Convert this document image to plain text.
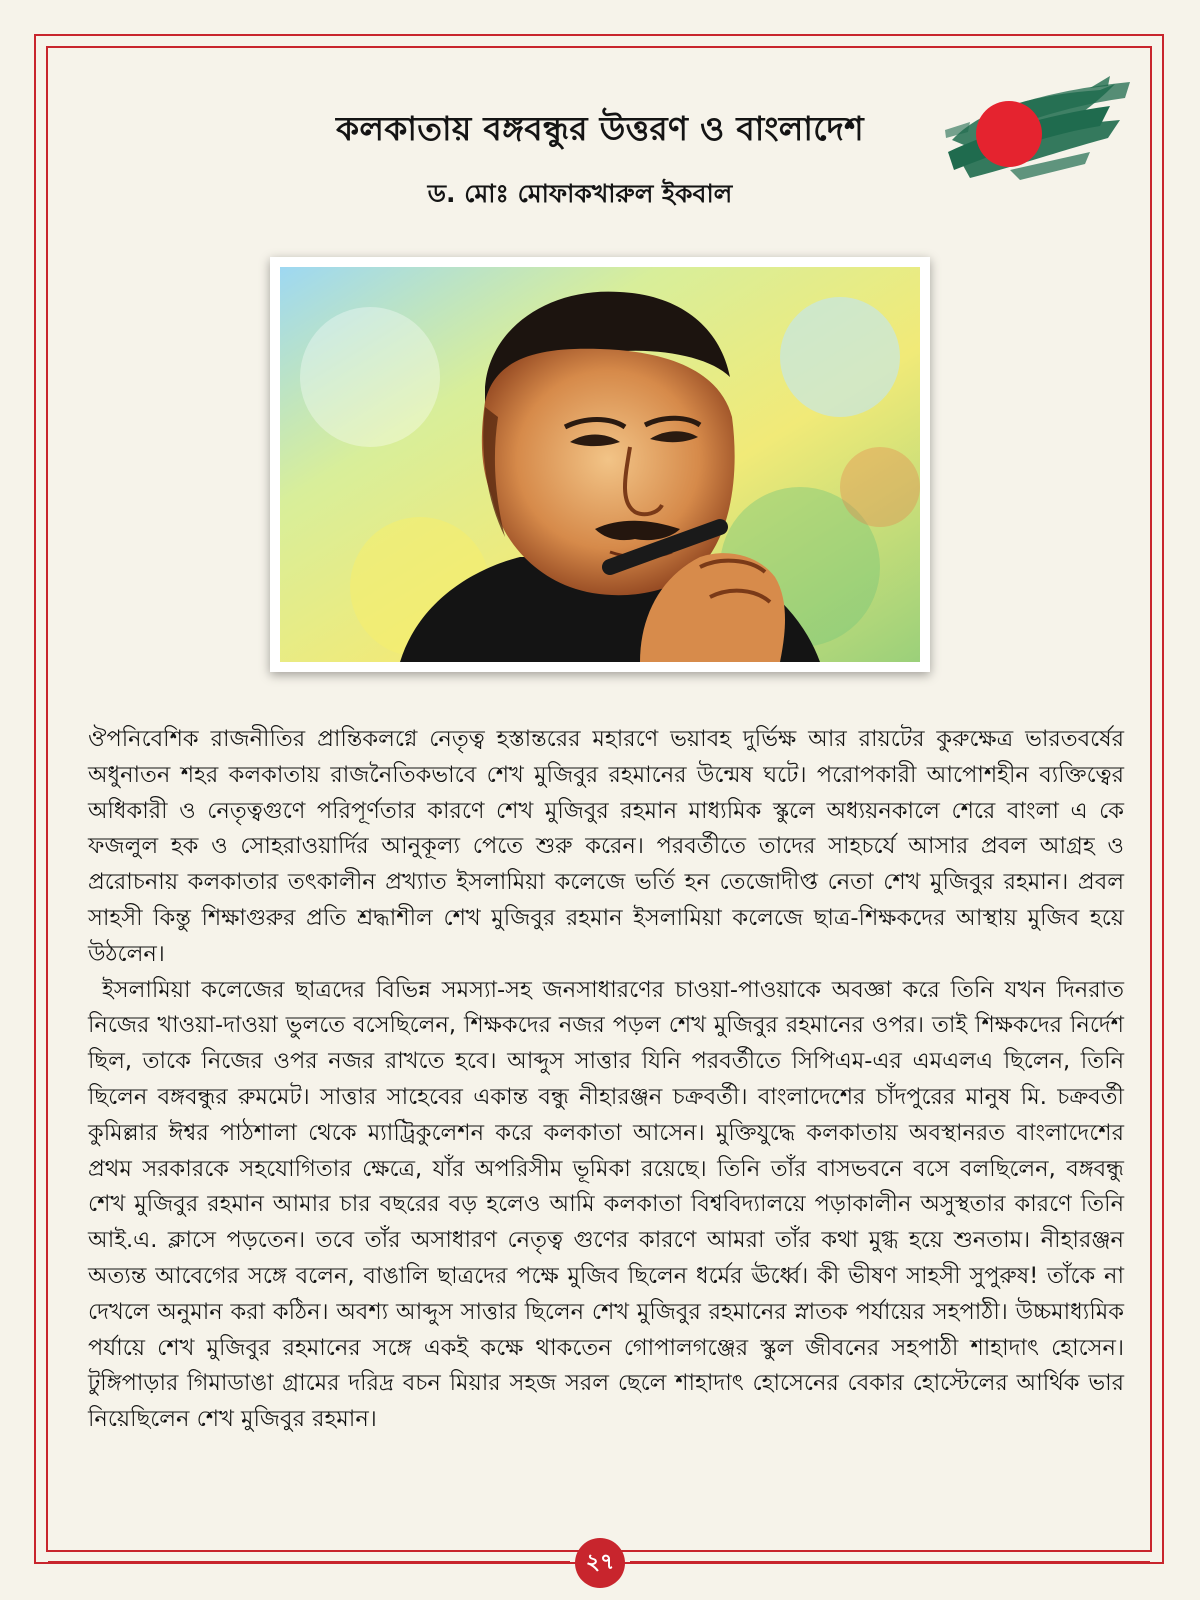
কলকাতায় বঙ্গবন্ধুর উত্তরণ ও বাংলাদেশ
ড. মোঃ মোফাকখারুল ইকবাল

ঔপনিবেশিক রাজনীতির প্রান্তিকলগ্নে নেতৃত্ব হস্তান্তরের মহারণে ভয়াবহ দুর্ভিক্ষ আর রায়টের কুরুক্ষেত্র ভারতবর্ষের অধুনাতন শহর কলকাতায় রাজনৈতিকভাবে শেখ মুজিবুর রহমানের উন্মেষ ঘটে। পরোপকারী আপোশহীন ব্যক্তিত্বের অধিকারী ও নেতৃত্বগুণে পরিপূর্ণতার কারণে শেখ মুজিবুর রহমান মাধ্যমিক স্কুলে অধ্যয়নকালে শেরে বাংলা এ কে ফজলুল হক ও সোহরাওয়ার্দির আনুকূল্য পেতে শুরু করেন। পরবর্তীতে তাদের সাহচর্যে আসার প্রবল আগ্রহ ও প্ররোচনায় কলকাতার তৎকালীন প্রখ্যাত ইসলামিয়া কলেজে ভর্তি হন তেজোদীপ্ত নেতা শেখ মুজিবুর রহমান। প্রবল সাহসী কিন্তু শিক্ষাগুরুর প্রতি শ্রদ্ধাশীল শেখ মুজিবুর রহমান ইসলামিয়া কলেজে ছাত্র-শিক্ষকদের আস্থায় মুজিব হয়ে উঠলেন।

ইসলামিয়া কলেজের ছাত্রদের বিভিন্ন সমস্যা-সহ জনসাধারণের চাওয়া-পাওয়াকে অবজ্ঞা করে তিনি যখন দিনরাত নিজের খাওয়া-দাওয়া ভুলতে বসেছিলেন, শিক্ষকদের নজর পড়ল শেখ মুজিবুর রহমানের ওপর। তাই শিক্ষকদের নির্দেশ ছিল, তাকে নিজের ওপর নজর রাখতে হবে। আব্দুস সাত্তার যিনি পরবর্তীতে সিপিএম-এর এমএলএ ছিলেন, তিনি ছিলেন বঙ্গবন্ধুর রুমমেট। সাত্তার সাহেবের একান্ত বন্ধু নীহারঞ্জন চক্রবর্তী। বাংলাদেশের চাঁদপুরের মানুষ মি. চক্রবর্তী কুমিল্লার ঈশ্বর পাঠশালা থেকে ম্যাট্রিকুলেশন করে কলকাতা আসেন। মুক্তিযুদ্ধে কলকাতায় অবস্থানরত বাংলাদেশের প্রথম সরকারকে সহযোগিতার ক্ষেত্রে, যাঁর অপরিসীম ভূমিকা রয়েছে। তিনি তাঁর বাসভবনে বসে বলছিলেন, বঙ্গবন্ধু শেখ মুজিবুর রহমান আমার চার বছরের বড় হলেও আমি কলকাতা বিশ্ববিদ্যালয়ে পড়াকালীন অসুস্থতার কারণে তিনি আই.এ. ক্লাসে পড়তেন। তবে তাঁর অসাধারণ নেতৃত্ব গুণের কারণে আমরা তাঁর কথা মুগ্ধ হয়ে শুনতাম। নীহারঞ্জন অত্যন্ত আবেগের সঙ্গে বলেন, বাঙালি ছাত্রদের পক্ষে মুজিব ছিলেন ধর্মের ঊর্ধ্বে। কী ভীষণ সাহসী সুপুরুষ! তাঁকে না দেখলে অনুমান করা কঠিন। অবশ্য আব্দুস সাত্তার ছিলেন শেখ মুজিবুর রহমানের স্নাতক পর্যায়ের সহপাঠী। উচ্চমাধ্যমিক পর্যায়ে শেখ মুজিবুর রহমানের সঙ্গে একই কক্ষে থাকতেন গোপালগঞ্জের স্কুল জীবনের সহপাঠী শাহাদাৎ হোসেন। টুঙ্গিপাড়ার গিমাডাঙা গ্রামের দরিদ্র বচন মিয়ার সহজ সরল ছেলে শাহাদাৎ হোসেনের বেকার হোস্টেলের আর্থিক ভার নিয়েছিলেন শেখ মুজিবুর রহমান।

২৭
